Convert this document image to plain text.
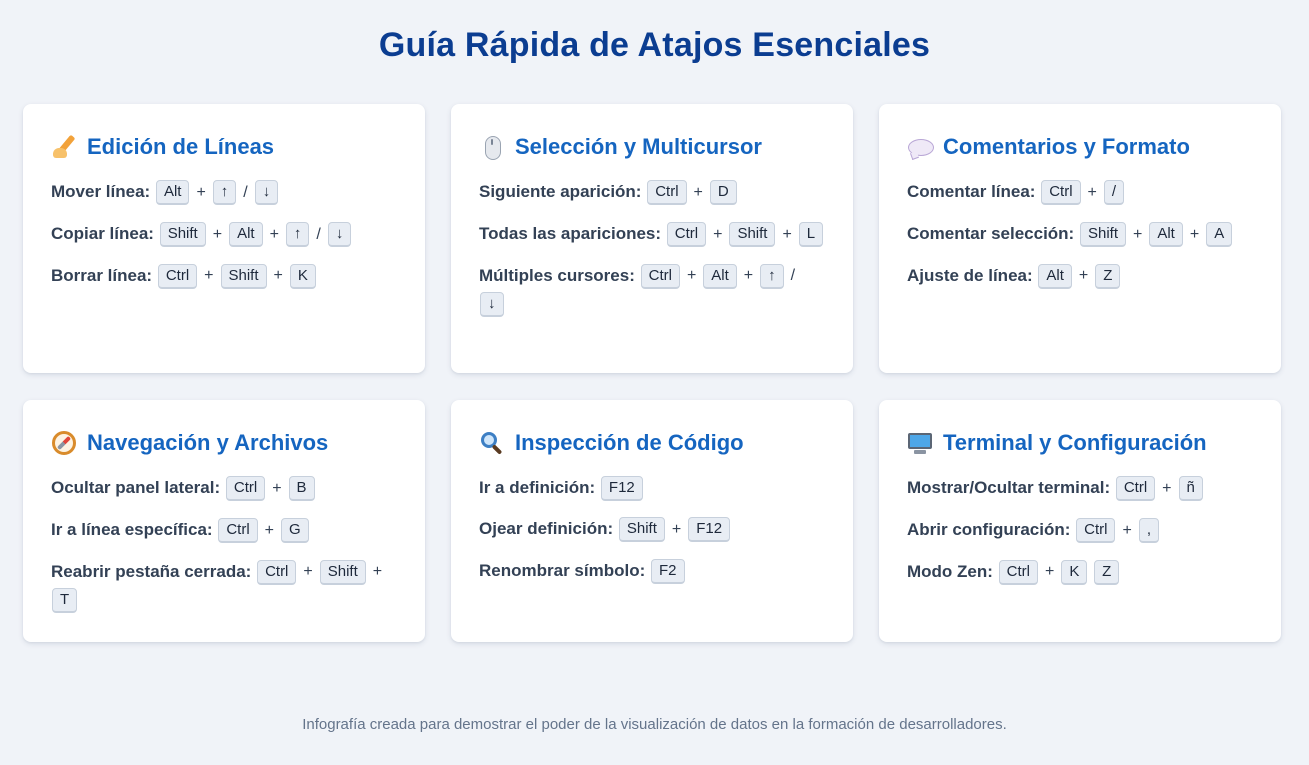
Guía Rápida de Atajos Esenciales
Edición de Líneas
Mover línea: Alt + ↑ / ↓
Copiar línea: Shift + Alt + ↑ / ↓
Borrar línea: Ctrl + Shift + K
Selección y Multicursor
Siguiente aparición: Ctrl + D
Todas las apariciones: Ctrl + Shift + L
Múltiples cursores: Ctrl + Alt + ↑ /↓
Comentarios y Formato
Comentar línea: Ctrl + /
Comentar selección: Shift + Alt + A
Ajuste de línea: Alt + Z
Navegación y Archivos
Ocultar panel lateral: Ctrl + B
Ir a línea específica: Ctrl + G
Reabrir pestaña cerrada: Ctrl + Shift +T
Inspección de Código
Ir a definición: F12
Ojear definición: Shift + F12
Renombrar símbolo: F2
Terminal y Configuración
Mostrar/Ocultar terminal: Ctrl + ñ
Abrir configuración: Ctrl + ,
Modo Zen: Ctrl + K Z

Infografía creada para demostrar el poder de la visualización de datos en la formación de desarrolladores.
